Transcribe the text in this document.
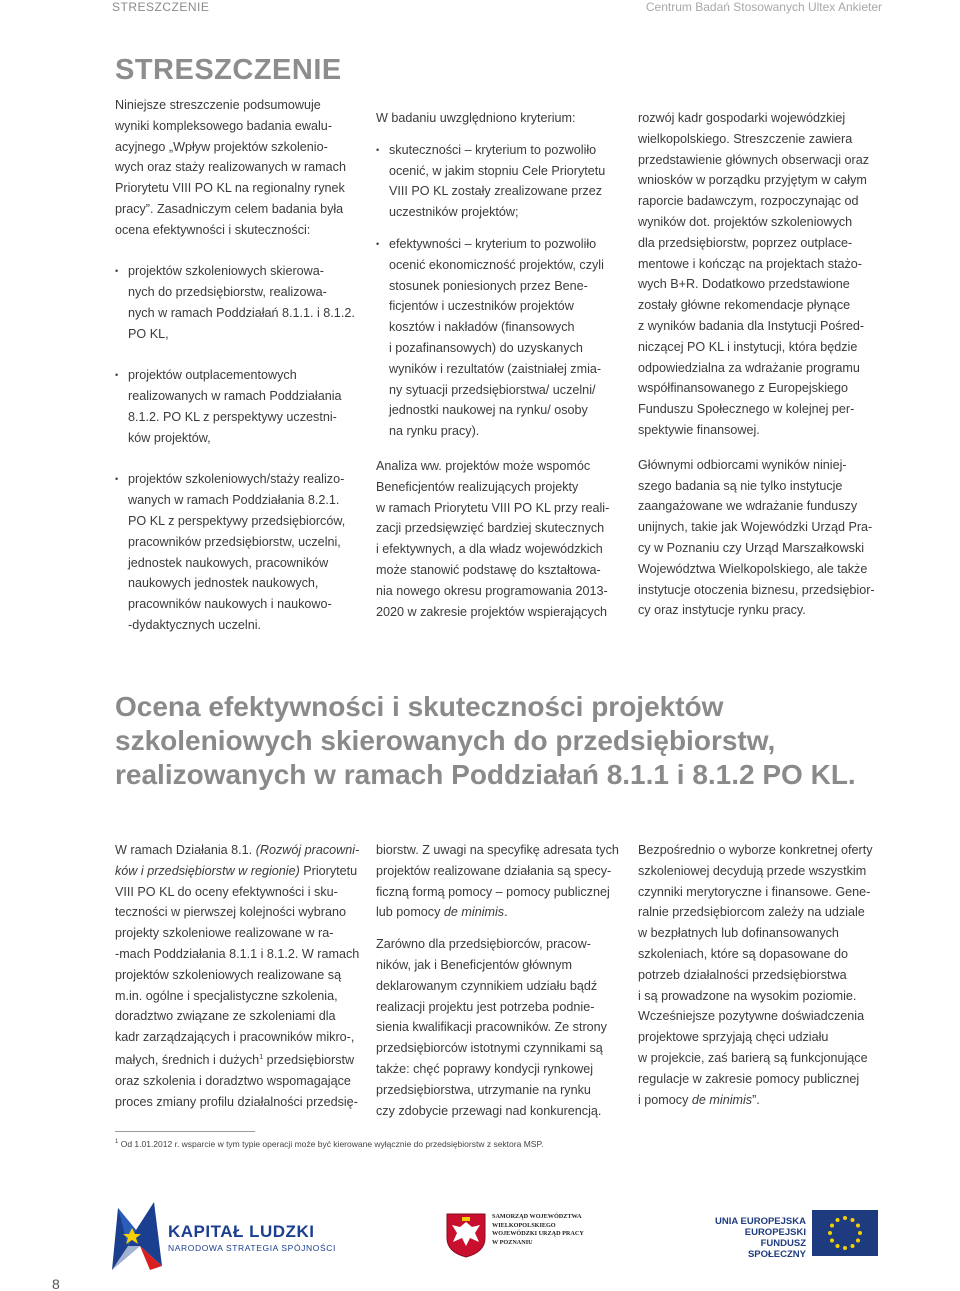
STRESZCZENIE	Centrum Badań Stosowanych Ultex Ankieter
STRESZCZENIE

Niniejsze streszczenie podsumowuje

wyniki kompleksowego badania ewalu-

acyjnego „Wpływ projektów szkolenio-

wych oraz staży realizowanych w ramach

Priorytetu VIII PO KL na regionalny rynek

pracy”. Zasadniczym celem badania była

ocena efektywności i skuteczności:

• projektów szkoleniowych skierowa-

nych do przedsiębiorstw, realizowa-

nych w ramach Poddziałań 8.1.1. i 8.1.2.

PO KL,

• projektów outplacementowych

realizowanych w ramach Poddziałania

8.1.2. PO KL z perspektywy uczestni-

ków projektów,

• projektów szkoleniowych/staży realizo-

wanych w ramach Poddziałania 8.2.1.

PO KL z perspektywy przedsiębiorców,

pracowników przedsiębiorstw, uczelni,

jednostek naukowych, pracowników

naukowych jednostek naukowych,

pracowników naukowych i naukowo-

-dydaktycznych uczelni.

W badaniu uwzględniono kryterium:

• skuteczności – kryterium to pozwoliło

ocenić, w jakim stopniu Cele Priorytetu

VIII PO KL zostały zrealizowane przez

uczestników projektów;

• efektywności – kryterium to pozwoliło

ocenić ekonomiczność projektów, czyli

stosunek poniesionych przez Bene-

ficjentów i uczestników projektów

kosztów i nakładów (finansowych

i pozafinansowych) do uzyskanych

wyników i rezultatów (zaistniałej zmia-

ny sytuacji przedsiębiorstwa/ uczelni/

jednostki naukowej na rynku/ osoby

na rynku pracy).

Analiza ww. projektów może wspomóc

Beneficjentów realizujących projekty

w ramach Priorytetu VIII PO KL przy reali-

zacji przedsięwzięć bardziej skutecznych

i efektywnych, a dla władz wojewódzkich

może stanowić podstawę do kształtowa-

nia nowego okresu programowania 2013-

2020 w zakresie projektów wspierających

rozwój kadr gospodarki wojewódzkiej

wielkopolskiego. Streszczenie zawiera

przedstawienie głównych obserwacji oraz

wniosków w porządku przyjętym w całym

raporcie badawczym, rozpoczynając od

wyników dot. projektów szkoleniowych

dla przedsiębiorstw, poprzez outplace-

mentowe i kończąc na projektach stażo-

wych B+R. Dodatkowo przedstawione

zostały główne rekomendacje płynące

z wyników badania dla Instytucji Pośred-

niczącej PO KL i instytucji, która będzie

odpowiedzialna za wdrażanie programu

współfinansowanego z Europejskiego

Funduszu Społecznego w kolejnej per-

spektywie finansowej.

Głównymi odbiorcami wyników niniej-

szego badania są nie tylko instytucje

zaangażowane we wdrażanie funduszy

unijnych, takie jak Wojewódzki Urząd Pra-

cy w Poznaniu czy Urząd Marszałkowski

Województwa Wielkopolskiego, ale także

instytucje otoczenia biznesu, przedsiębior-

cy oraz instytucje rynku pracy.

Ocena efektywności i skuteczności projektów
szkoleniowych skierowanych do przedsiębiorstw,
realizowanych w ramach Poddziałań 8.1.1 i 8.1.2 PO KL.

W ramach Działania 8.1. (Rozwój pracowni-

ków i przedsiębiorstw w regionie) Priorytetu

VIII PO KL do oceny efektywności i sku-

teczności w pierwszej kolejności wybrano

projekty szkoleniowe realizowane w ra-

-mach Poddziałania 8.1.1 i 8.1.2. W ramach

projektów szkoleniowych realizowane są

m.in. ogólne i specjalistyczne szkolenia,

doradztwo związane ze szkoleniami dla

kadr zarządzających i pracowników mikro-,

małych, średnich i dużych$^1$ przedsiębiorstw

oraz szkolenia i doradztwo wspomagające

proces zmiany profilu działalności przedsię-

biorstw. Z uwagi na specyfikę adresata tych

projektów realizowane działania są specy-

ficzną formą pomocy – pomocy publicznej

lub pomocy de minimis.

Zarówno dla przedsiębiorców, pracow-

ników, jak i Beneficjentów głównym

deklarowanym czynnikiem udziału bądź

realizacji projektu jest potrzeba podnie-

sienia kwalifikacji pracowników. Ze strony

przedsiębiorców istotnymi czynnikami są

także: chęć poprawy kondycji rynkowej

przedsiębiorstwa, utrzymanie na rynku

czy zdobycie przewagi nad konkurencją.

Bezpośrednio o wyborze konkretnej oferty

szkoleniowej decydują przede wszystkim

czynniki merytoryczne i finansowe. Gene-

ralnie przedsiębiorcom zależy na udziale

w bezpłatnych lub dofinansowanych

szkoleniach, które są dopasowane do

potrzeb działalności przedsiębiorstwa

i są prowadzone na wysokim poziomie.

Wcześniejsze pozytywne doświadczenia

projektowe sprzyjają chęci udziału

w projekcie, zaś barierą są funkcjonujące

regulacje w zakresie pomocy publicznej

i pomocy de minimis”.

$^1$ Od 1.01.2012 r. wsparcie w tym typie operacji może być kierowane wyłącznie do przedsiębiorstw z sektora MSP.
KAPITAŁ LUDZKI
NARODOWA STRATEGIA SPÓJNOŚCI
SAMORZĄD WOJEWÓDZTWA
WIELKOPOLSKIEGO
WOJEWÓDZKI URZĄD PRACY
W POZNANIU
UNIA EUROPEJSKA
EUROPEJSKI
FUNDUSZ SPOŁECZNY
8
